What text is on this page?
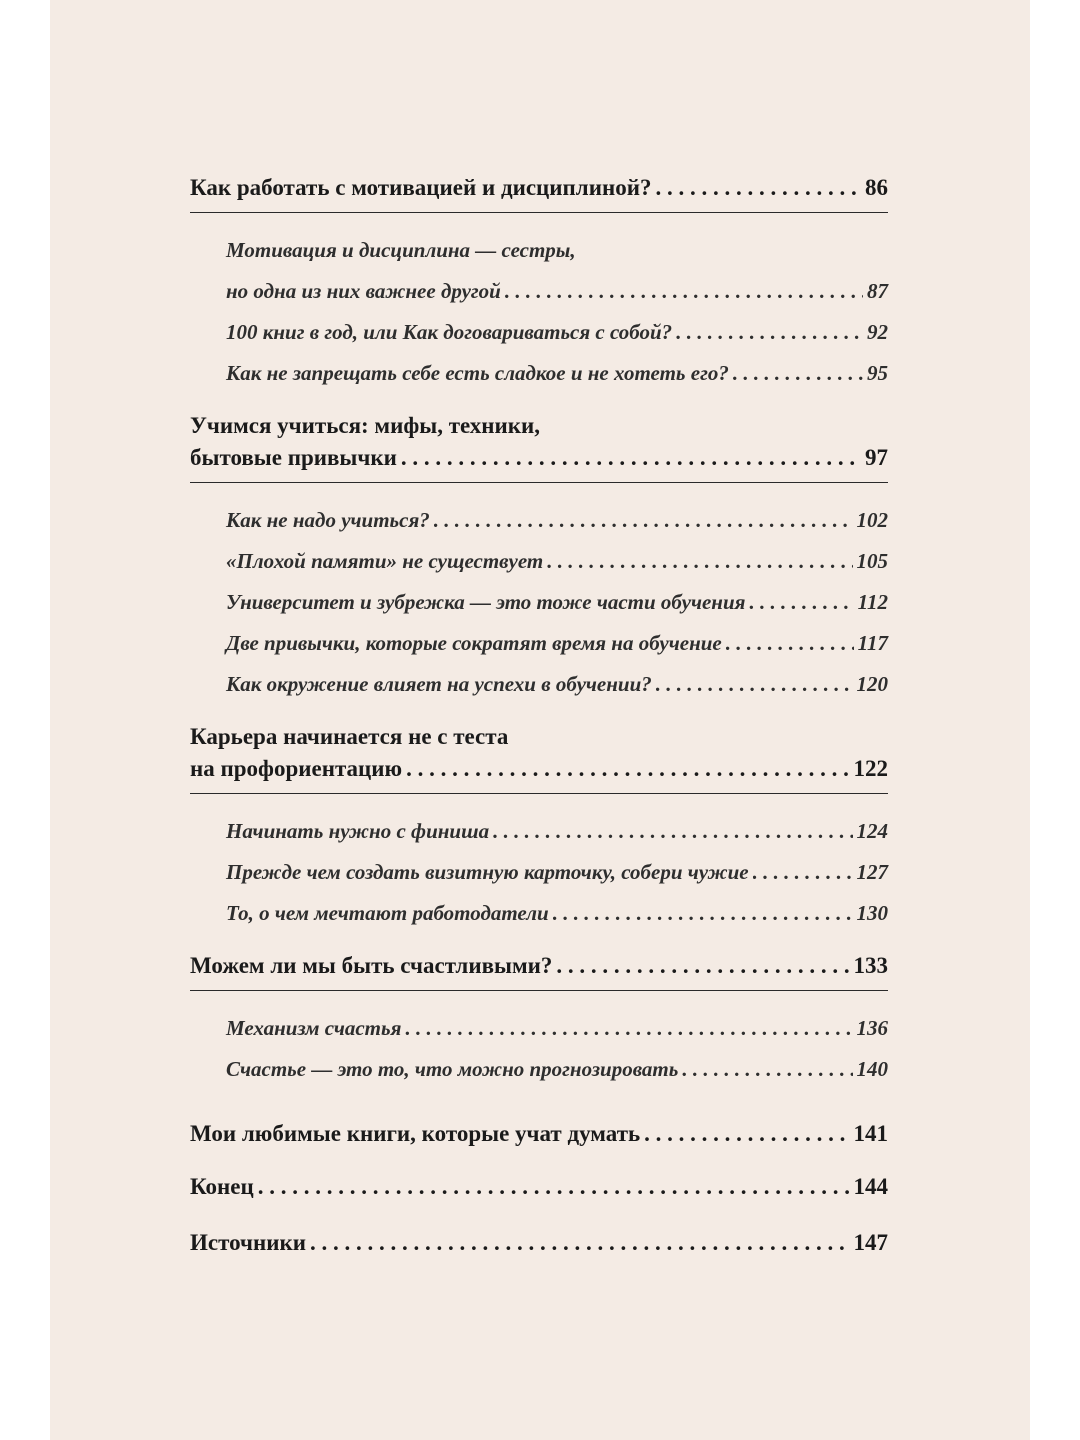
Как работать с мотивацией и дисциплиной? . . .	86
Мотивация и дисциплина — сестры,
но одна из них важнее другой . . .	87
100 книг в год, или Как договариваться с собой? . . .	92
Как не запрещать себе есть сладкое и не хотеть его? . . .	95
Учимся учиться: мифы, техники,
бытовые привычки . . .	97
Как не надо учиться? . . .	102
«Плохой памяти» не существует . . .	105
Университет и зубрежка — это тоже части обучения . . .	112
Две привычки, которые сократят время на обучение . . .	117
Как окружение влияет на успехи в обучении? . . .	120
Карьера начинается не с теста
на профориентацию . . .	122
Начинать нужно с финиша . . .	124
Прежде чем создать визитную карточку, собери чужие . . .	127
То, о чем мечтают работодатели . . .	130
Можем ли мы быть счастливыми? . . .	133
Механизм счастья . . .	136
Счастье — это то, что можно прогнозировать . . .	140
Мои любимые книги, которые учат думать . . .	141
Конец . . .	144
Источники . . .	147
